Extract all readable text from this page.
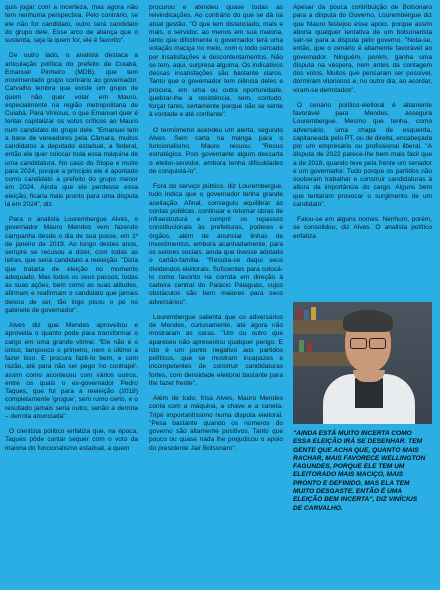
quis jogar com a incerteza, mas agora não tem nenhuma perspectiva. Pelo contrário, se ele não for candidato, outro será candidato do grupo dele. Esse arco de aliança que o sustenta, seja lá quem for, ele é favorito".

De outro lado, o analista destaca a articulação política do prefeito de Cuiabá, Emanuel Pinheiro (MDB), que tem movimentado grupo contrário ao governador. Carvalho lembra que existe um grupo de quem não quer votar em Mauro, especialmente na região metropolitana de Cuiabá. Para Vinícius, o que Emanuel quer é tentar capitalizar os votos críticos ao Mauro num candidato do grupo dele. "Emanuel tem a base de vereadores pela Câmara, muitos candidatos a deputado estadual, a federal, então ele quer colocar toda essa máquina de uma candidatura. No caso do Stopa e muito para 2024, porque a principio ele é apontado como candidato a prefeito do grupo menor em 2024. Ainda que ele perdesse essa eleição, ficaria mais pronto para uma disputa lá em 2024", diz.

Para o analista Lourembergue Alves, o governador Mauro Mendes vem fazendo campanha desde o dia de sua posse, em 1º de janeiro de 2019. Ao longo destes anos, sempre se recusou a dizer, com todas as letras, que seria candidato a reeleição. "Dizia que tratarla de eleição no momento adequado. Mas todos os seus passos, todas as suas ações, bem como as suas atitudes, afirmam e reafirmam o candidato que jamais deixou de ser, tão logo pisou o pé no gabinete de governador".

Alves diz que Mendes aproveitou e aproveita o quanto pode para transformar o cargo em uma grande vitrine. "Ele não é o único, tampouco o primeiro, nem o último a fazer isso. E procura fazê-lo bem, e com razão, até para não ser pego 'no contrapé', assim como aconteceu com vários outros, entre os quais o ex-governador Pedro Taques, que foi para a reeleição (2018) completamente 'grogue', sem rumo certo, e o resultado jamais seria outro, senão a derrota – derrota anunciada".

O cientista político enfatiza que, na época, Taques pôde contar sequer com o voto da maioria do funcionalismo estadual, a quem

procurou e atendeu quase todas as reivindicações. Ao contrário do que se dá na atual gestão. "O que tem distanciado, mais e mais, o servidor, ao menos em sua maioria, tanto que dificilmente o governador terá uma votação maciça no meio, com o todo cercado por insatisfações e descontentamentos. Não se tem, aqui, surpresa alguma. Os indicativos dessas insatisfações são bastante claros. Tanto que o governador tem ciência deles e procura, em uma ou outra oportunidade, quebrar-lhe a resistência, sem, contudo, forçar tanto, certamente porque não se sente à vontade e até confiante".

O termômetro acendeu um alerta, segundo Alves. Sem carta na manga para o funcionalismo, Mauro recuou. "Recuo estratégico. Pois governante algum descarta o eleitor-servidor, embora tenha dificuldades de conquistá-lo".

Fora do serviço público, diz Lourembergue, tudo indica que o governador tenha grande aceitação. Afinal, conseguiu equilibrar as contas públicas, continuar e retomar obras de infraestrutura e cumprir os repasses constitucionais às prefeituras, poderes e órgãos, além de anunciar linhas de investimentos, embora acanhadamente, para os setores sociais, ainda que tivesse adotado o cartão-família. "Resulta-se daquí seus dividendos eleitorais. Suficientes para colocá-lo como favorito na corrida em direção à cadeira central do Palácio Paiaguás, cujos obstáculos são bem maiores para seus adversários".

Lourembergue salienta que os adversários de Mendes, curiosamente, até agora não mostraram as caras. "Um ou outro que apareceu não apresentou qualquer perigo. E isto é um ponto negativo aos partidos políticos, que se mostram incapazes e incompetentes de construir candidaturas fortes, com densidade eleitoral bastante para lhe fazer frente".

Além de tudo, frisa Alves, Mauro Mendes conta com a máquina, a chave e a caneta. Tripé importantíssimo numa disputa eleitoral. "Pesa bastante quando os números do governo são altamente positivos. Tanto que pouco ou quase nada lhe prejudicou o apoio do presidente Jair Bolsonaro".

Apesar da pouca contribuição de Bolsonaro para a disputa do Governo, Lourembergue diz que Mauro festejou esse apoio, porque assim aborta qualquer tentativa de um bolsonarista sair-se para a disputa pelo governo. "Nota-se, então, que o cenário é altamente favorável ao governador. Ninguém, porém, ganha uma disputa na véspera, nem antes da contagem dos votos. Muitos que pensaram ser possível, dormiram vitoriosos e, no outro dia, ao acordar, viram-se derrotados".

O cenário político-eleitoral é altamente favorável para Mendes, assegura Lourembergue. Mesmo que tenha, como adversário, uma chapa de esquerda, capitaneada pelo PT, ou de direita, encabeçada por um empresário ou profissional liberal. "A disputa de 2022 parece-lhe bem mais fácil que a de 2018, quando teve pela frente um senador e um governador. Tudo porque os partidos não souberam trabalhar e construir candidaturas à altura da importância do cargo. Alguns bem que tentaram provocar o surgimento de um candidato".

Falou-se em alguns nomes. Nenhum, porém, se consolidou, diz Alves. O analista político enfatiza

"AINDA ESTÁ MUITO INCERTA COMO ESSA ELEIÇÃO IRÁ SE DESENHAR. TEM GENTE QUE ACHA QUE, QUANTO MAIS RACHAR, MAIS FAVORECE WELLINGTON FAGUNDES, PORQUE ELE TEM UM ELEITORADO MAIS MACIÇO, MAIS PRONTO E DEFINIDO. MAS ELA TEM MUITO DESGASTE. ENTÃO É UMA ELEIÇÃO BEM INCERTA", DIZ VINÍCIUS DE CARVALHO.
